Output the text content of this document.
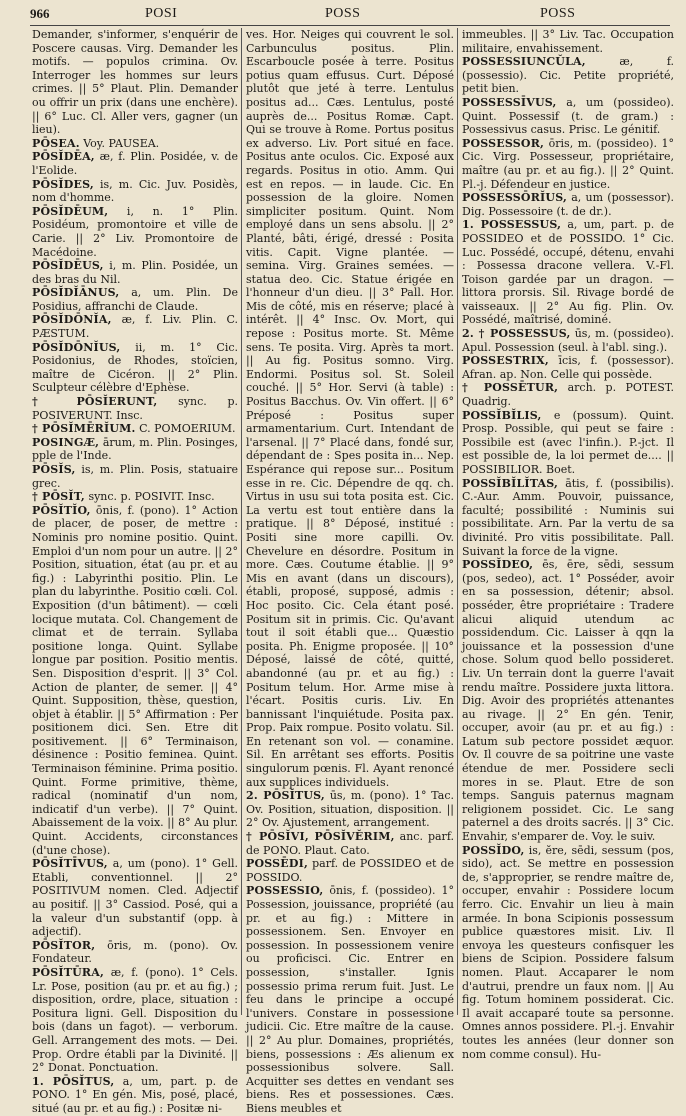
966	POSI	POSS	POSS

Demander, s'informer, s'enquérir de Poscere causas. Virg. Demander les motifs. — populos crimina. Ov. Interroger les hommes sur leurs crimes. || 5° Plaut. Plin. Demander ou offrir un prix (dans une enchère). || 6° Luc. Cl. Aller vers, gagner (un lieu).

PŌSEA. Voy. PAUSEA.

PŌSĬDĒA, æ, f. Plin. Posidée, v. de l'Eolide.

PŌSĬDES, is, m. Cic. Juv. Posidès, nom d'homme.

PŌSĬDĒUM, i, n. 1° Plin. Posidéum, promontoire et ville de Carie. || 2° Liv. Promontoire de Macédoine.

PŌSĬDĒUS, i, m. Plin. Posidée, un des bras du Nil.

PŌSĬDĬĀNUS, a, um. Plin. De Posidius, affranchi de Claude.

PŌSĬDŌNĬA, æ, f. Liv. Plin. C. PÆSTUM.

PŌSĬDŌNĬUS, ii, m. 1° Cic. Posidonius, de Rhodes, stoïcien, maître de Cicéron. || 2° Plin. Sculpteur célèbre d'Ephèse.

† PŌSĬERUNT, sync. p. POSIVERUNT. Insc.

† PŌSĬMĒRĬUM. C. POMOERIUM.

POSINGÆ, ārum, m. Plin. Posinges, pple de l'Inde.

PŌSĬS, is, m. Plin. Posis, statuaire grec.

† PŌSĬT, sync. p. POSIVIT. Insc.

PŌSĬTĬO, ōnis, f. (pono). 1° Action de placer, de poser, de mettre : Nominis pro nomine positio. Quint. Emploi d'un nom pour un autre. || 2° Position, situation, état (au pr. et au fig.) : Labyrinthi positio. Plin. Le plan du labyrinthe. Positio cœli. Col. Exposition (d'un bâtiment). — cœli locique mutata. Col. Changement de climat et de terrain. Syllaba positione longa. Quint. Syllabe longue par position. Positio mentis. Sen. Disposition d'esprit. || 3° Col. Action de planter, de semer. || 4° Quint. Supposition, thèse, question, objet à établir. || 5° Affirmation : Per positionem dici. Sen. Etre dit positivement. || 6° Terminaison, désinence : Positio feminea. Quint. Terminaison féminine. Prima positio. Quint. Forme primitive, thème, radical (nominatif d'un nom, indicatif d'un verbe). || 7° Quint. Abaissement de la voix. || 8° Au plur. Quint. Accidents, circonstances (d'une chose).

PŌSĬTĪVUS, a, um (pono). 1° Gell. Etabli, conventionnel. || 2° POSITIVUM nomen. Cled. Adjectif au positif. || 3° Cassiod. Posé, qui a la valeur d'un substantif (opp. à adjectif).

PŌSĬTOR, ōris, m. (pono). Ov. Fondateur.

PŌSĬTŪRA, æ, f. (pono). 1° Cels. Lr. Pose, position (au pr. et au fig.) ; disposition, ordre, place, situation : Positura ligni. Gell. Disposition du bois (dans un fagot). — verborum. Gell. Arrangement des mots. — Dei. Prop. Ordre établi par la Divinité. || 2° Donat. Ponctuation.

1. PŌSĬTUS, a, um, part. p. de PONO. 1° En gén. Mis, posé, placé, situé (au pr. et au fig.) : Positæ ni-

ves. Hor. Neiges qui couvrent le sol. Carbunculus positus. Plin. Escarboucle posée à terre. Positus potius quam effusus. Curt. Déposé plutôt que jeté à terre. Lentulus positus ad... Cæs. Lentulus, posté auprès de... Positus Romæ. Capt. Qui se trouve à Rome. Portus positus ex adverso. Liv. Port situé en face. Positus ante oculos. Cic. Exposé aux regards. Positus in otio. Amm. Qui est en repos. — in laude. Cic. En possession de la gloire. Nomen simpliciter positum. Quint. Nom employé dans un sens absolu. || 2° Planté, bâti, érigé, dressé : Posita vitis. Capit. Vigne plantée. — semina. Virg. Graines semées. — statua deo. Cic. Statue érigée en l'honneur d'un dieu. || 3° Pall. Hor. Mis de côté, mis en réserve; placé à intérêt. || 4° Insc. Ov. Mort, qui repose : Positus morte. St. Même sens. Te posita. Virg. Après ta mort. || Au fig. Positus somno. Virg. Endormi. Positus sol. St. Soleil couché. || 5° Hor. Servi (à table) : Positus Bacchus. Ov. Vin offert. || 6° Préposé : Positus super armamentarium. Curt. Intendant de l'arsenal. || 7° Placé dans, fondé sur, dépendant de : Spes posita in... Nep. Espérance qui repose sur... Positum esse in re. Cic. Dépendre de qq. ch. Virtus in usu sui tota posita est. Cic. La vertu est tout entière dans la pratique. || 8° Déposé, institué : Positi sine more capilli. Ov. Chevelure en désordre. Positum in more. Cæs. Coutume établie. || 9° Mis en avant (dans un discours), établi, proposé, supposé, admis : Hoc posito. Cic. Cela étant posé. Positum sit in primis. Cic. Qu'avant tout il soit établi que... Quæstio posita. Ph. Enigme proposée. || 10° Déposé, laissé de côté, quitté, abandonné (au pr. et au fig.) : Positum telum. Hor. Arme mise à l'écart. Positis curis. Liv. En bannissant l'inquiétude. Posita pax. Prop. Paix rompue. Posito volatu. Sil. En retenant son vol. — conamine. Sil. En arrêtant ses efforts. Positis singulorum pœnis. Fl. Ayant renoncé aux supplices individuels.

2. PŌSĬTUS, ūs, m. (pono). 1° Tac. Ov. Position, situation, disposition. || 2° Ov. Ajustement, arrangement.

† PŌSĬVI, PŌSĬVĔRIM, anc. parf. de PONO. Plaut. Cato.

POSSĒDI, parf. de POSSIDEO et de POSSIDO.

POSSESSIO, ōnis, f. (possideo). 1° Possession, jouissance, propriété (au pr. et au fig.) : Mittere in possessionem. Sen. Envoyer en possession. In possessionem venire ou proficisci. Cic. Entrer en possession, s'installer. Ignis possessio prima rerum fuit. Just. Le feu dans le principe a occupé l'univers. Constare in possessione judicii. Cic. Etre maître de la cause. || 2° Au plur. Domaines, propriétés, biens, possessions : Æs alienum ex possessionibus solvere. Sall. Acquitter ses dettes en vendant ses biens. Res et possessiones. Cæs. Biens meubles et

immeubles. || 3° Liv. Tac. Occupation militaire, envahissement.

POSSESSIUNCŬLA,	æ, f. (possessio). Cic. Petite propriété, petit bien.

POSSESSĪVUS, a, um (possideo). Quint. Possessif (t. de gram.) : Possessivus casus. Prisc. Le génitif.

POSSESSOR, ōris, m. (possideo). 1° Cic. Virg. Possesseur, propriétaire, maître (au pr. et au fig.). || 2° Quint. Pl.-j. Défendeur en justice.

POSSESSŌRĬUS, a, um (possessor). Dig. Possessoire (t. de dr.).

1. POSSESSUS, a, um, part. p. de POSSIDEO et de POSSIDO. 1° Cic. Luc. Possédé, occupé, détenu, envahi : Possessa dracone vellera. V.-Fl. Toison gardée par un dragon. — littora prorsis. Sil. Rivage bordé de vaisseaux. || 2° Au fig. Plin. Ov. Possédé, maîtrisé, dominé.

2. † POSSESSUS, ūs, m. (possideo). Apul. Possession (seul. à l'abl. sing.).

POSSESTRIX, īcis, f. (possessor). Afran. ap. Non. Celle qui possède.

† POSSĒTUR, arch. p. POTEST. Quadrig.

POSSĬBĬLIS, e (possum). Quint. Prosp. Possible, qui peut se faire : Possibile est (avec l'infin.). P.-jct. Il est possible de, la loi permet de.... || POSSIBILIOR. Boet.

POSSĬBĬLĬTAS, ātis, f. (possibilis). C.-Aur. Amm. Pouvoir, puissance, faculté; possibilité : Numinis sui possibilitate. Arn. Par la vertu de sa divinité. Pro vitis possibilitate. Pall. Suivant la force de la vigne.

POSSĬDEO, ēs, ēre, sēdi, sessum (pos, sedeo), act. 1° Posséder, avoir en sa possession, détenir; absol. posséder, être propriétaire : Tradere alicui aliquid utendum ac possidendum. Cic. Laisser à qqn la jouissance et la possession d'une chose. Solum quod bello possideret. Liv. Un terrain dont la guerre l'avait rendu maître. Possidere juxta littora. Dig. Avoir des propriétés attenantes au rivage. || 2° En gén. Tenir, occuper, avoir (au pr. et au fig.) : Latum sub pectore possidet æquor. Ov. Il couvre de sa poitrine une vaste étendue de mer. Possidere secli mores in se. Plaut. Etre de son temps. Sanguis paternus magnam religionem possidet. Cic. Le sang paternel a des droits sacrés. || 3° Cic. Envahir, s'emparer de. Voy. le suiv.

POSSĬDO, is, ĕre, sēdi, sessum (pos, sido), act. Se mettre en possession de, s'approprier, se rendre maître de, occuper, envahir : Possidere locum ferro. Cic. Envahir un lieu à main armée. In bona Scipionis possessum publice quæstores misit. Liv. Il envoya les questeurs confisquer les biens de Scipion. Possidere falsum nomen. Plaut. Accaparer le nom d'autrui, prendre un faux nom. || Au fig. Totum hominem possiderat. Cic. Il avait accaparé toute sa personne. Omnes annos possidere. Pl.-j. Envahir toutes les années (leur donner son nom comme consul). Hu-
